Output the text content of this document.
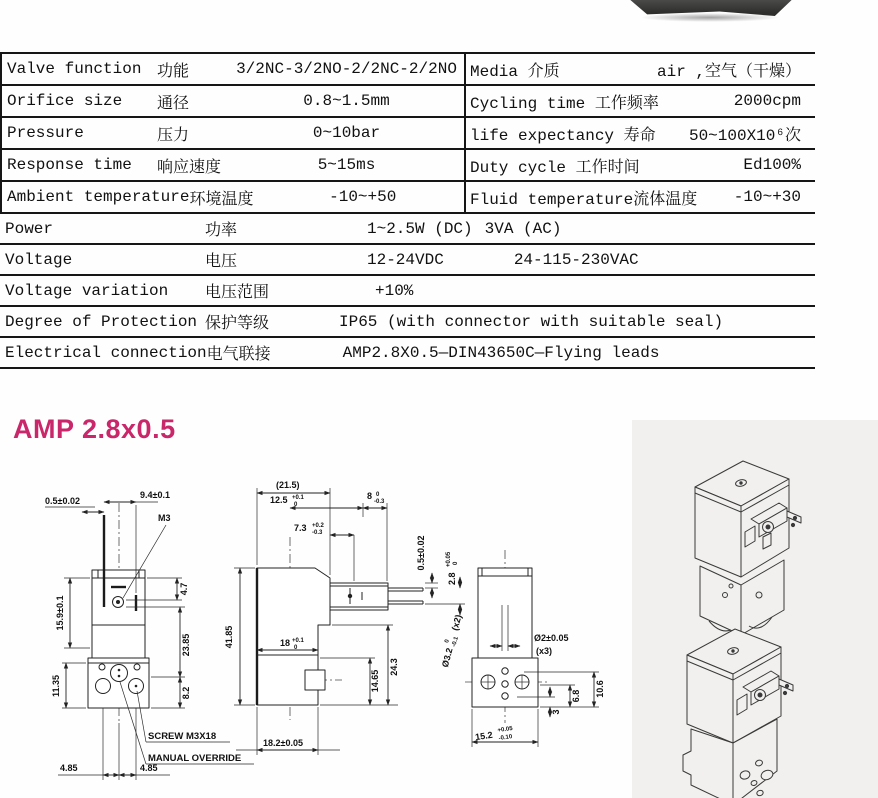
Valve function 功能	3/2NC-3/2NO-2/2NC-2/2NO Media 介质	air ,空气（干燥）
Orifice size	通径	0.8~1.5mm	Cycling time 工作频率	2000cpm
Pressure	压力	0~10bar	life expectancy 寿命	50~100X10⁶次
Response time	响应速度	5~15ms	Duty cycle 工作时间	Ed100%
Ambient temperature 环境温度	-10~+50	Fluid temperature流体温度	-10~+30
Power	功率	1~2.5W (DC) 3VA (AC)
Voltage	电压	12-24VDC	24-115-230VAC
Voltage variation	电压范围	+10%
Degree of Protection 保护等级	IP65 (with connector with suitable seal)
Electrical connection 电气联接	AMP2.8X0.5—DIN43650C—Flying leads
AMP 2.8x0.5
9.4±0.1
0.5±0.02
M3
4.7
15.9±0.1
23.85
8.2
11.35
SCREW M3X18
MANUAL OVERRIDE
4.85	4.85
(21.5)
12.5 +0.1
0
8 0
-0.3
7.3 +0.2
-0.3
0.5±0.02
2.8
+0.05 0
41.85	18 +0.1
0
14.65
24.3	Ø3.2
0 -0.1
(x2)
18.2±0.05
Ø2±0.05
(x3)
10.6
6.8
3
15.2 +0.05
-0.10
